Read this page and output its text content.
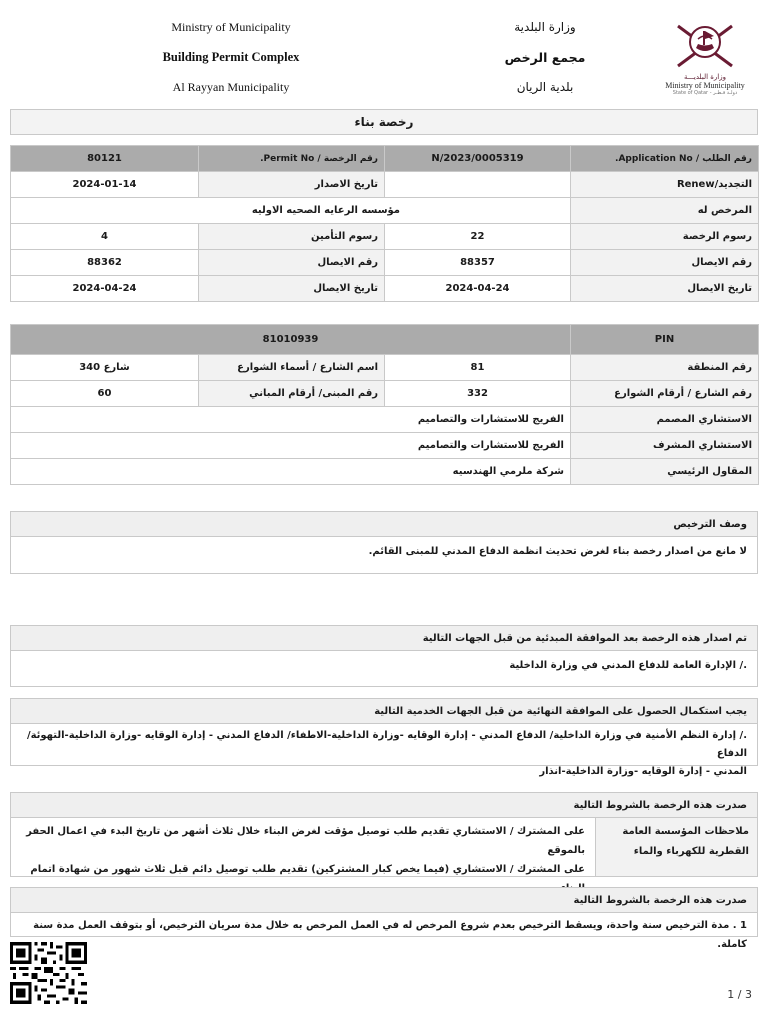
Ministry of Municipality
Building Permit Complex
Al Rayyan Municipality
وزارة البلدية
مجمع الرخص
بلدية الريان
وزارة البلديـــة
Ministry of Municipality
State of Qatar - دولـة قـطـر
رخصة بناء
80121	رقم الرخصة / Permit No.	N/2023/0005319	رقم الطلب / Application No.
2024-01-14	تاريخ الاصدار		التجديد/Renew
مؤسسه الرعايه الصحيه الاوليه			المرخص له
4	رسوم التأمين	22	رسوم الرخصة
88362	رقم الايصال	88357	رقم الايصال
2024-04-24	تاريخ الايصال	2024-04-24	تاريخ الايصال
81010939			PIN
شارع 340	اسم الشارع / أسماء الشوارع	81	رقم المنطقة
60	رقم المبنى/ أرقام المباني	332	رقم الشارع / أرقام الشوارع
الفريج للاستشارات والتصاميم			الاستشاري المصمم
الفريج للاستشارات والتصاميم			الاستشاري المشرف
شركة ملرمي الهندسيه			المقاول الرئيسي
وصف الترخيص
لا مانع من اصدار رخصة بناء لغرض تحديث انظمة الدفاع المدني للمبنى القائم.
تم اصدار هذه الرخصة بعد الموافقة المبدئية من قبل الجهات التالية
./ الإدارة العامة للدفاع المدني في وزارة الداخلية
يجب استكمال الحصول على الموافقة النهائية من قبل الجهات الخدمية التالية
./ إدارة النظم الأمنية في وزارة الداخلية/ الدفاع المدني - إدارة الوقايه -وزارة الداخلية-الاطفاء/ الدفاع المدني - إدارة الوقايه -وزارة الداخلية-التهوئة/ الدفاع
المدني - إدارة الوقايه -وزارة الداخلية-انذار
صدرت هذه الرخصة بالشروط التالية
ملاحظات المؤسسة العامة القطرية للكهرباء والماء
على المشترك / الاستشاري تقديم طلب توصيل مؤقت لغرض البناء خلال ثلاث أشهر من تاريخ البدء في اعمال الحفر
بالموقع
على المشترك / الاستشاري (فيما يخص كبار المشتركين) تقديم طلب توصيل دائم قبل ثلاث شهور من شهادة اتمام
صدرت هذه الرخصة بالشروط التالية
1 . مدة الترخيص سنة واحدة، ويسقط الترخيص بعدم شروع المرخص له في العمل المرخص به خلال مدة سريان الترخيص، أو بتوقف العمل مدة سنة كاملة.
1 / 3
